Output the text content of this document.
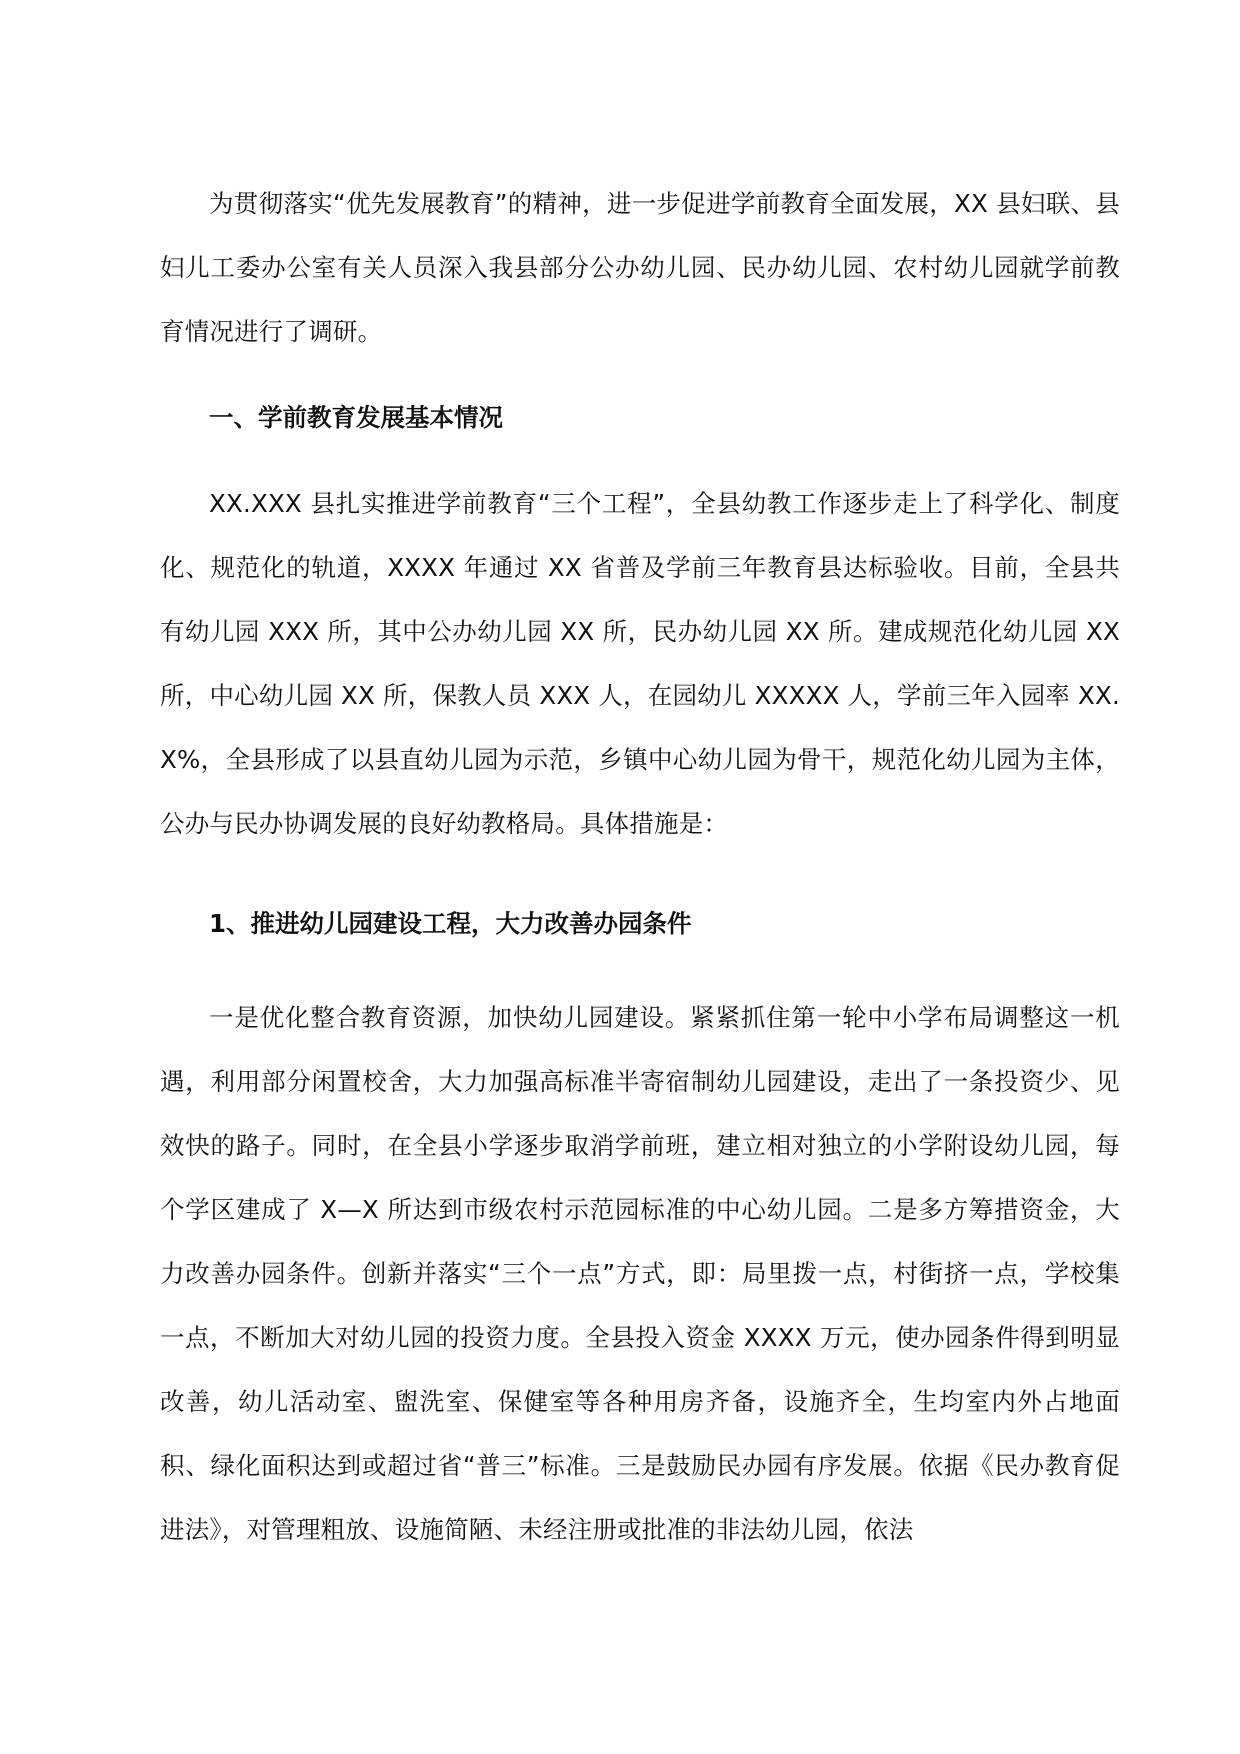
为贯彻落实“优先发展教育”的精神，进一步促进学前教育全面发展，XX 县妇联、县妇儿工委办公室有关人员深入我县部分公办幼儿园、民办幼儿园、农村幼儿园就学前教育情况进行了调研。

一、学前教育发展基本情况

XX.XXX 县扎实推进学前教育“三个工程”，全县幼教工作逐步走上了科学化、制度化、规范化的轨道，XXXX 年通过 XX 省普及学前三年教育县达标验收。目前，全县共有幼儿园 XXX 所，其中公办幼儿园 XX 所，民办幼儿园 XX 所。建成规范化幼儿园 XX 所，中心幼儿园 XX 所，保教人员 XXX 人，在园幼儿 XXXXX 人，学前三年入园率 XX.X%，全县形成了以县直幼儿园为示范，乡镇中心幼儿园为骨干，规范化幼儿园为主体，公办与民办协调发展的良好幼教格局。具体措施是：

1、推进幼儿园建设工程，大力改善办园条件

一是优化整合教育资源，加快幼儿园建设。紧紧抓住第一轮中小学布局调整这一机遇，利用部分闲置校舍，大力加强高标准半寄宿制幼儿园建设，走出了一条投资少、见效快的路子。同时，在全县小学逐步取消学前班，建立相对独立的小学附设幼儿园，每个学区建成了 X—X 所达到市级农村示范园标准的中心幼儿园。二是多方筹措资金，大力改善办园条件。创新并落实“三个一点”方式，即：局里拨一点，村街挤一点，学校集一点，不断加大对幼儿园的投资力度。全县投入资金 XXXX 万元，使办园条件得到明显改善，幼儿活动室、盥洗室、保健室等各种用房齐备，设施齐全，生均室内外占地面积、绿化面积达到或超过省“普三”标准。三是鼓励民办园有序发展。依据《民办教育促进法》，对管理粗放、设施简陋、未经注册或批准的非法幼儿园，依法
